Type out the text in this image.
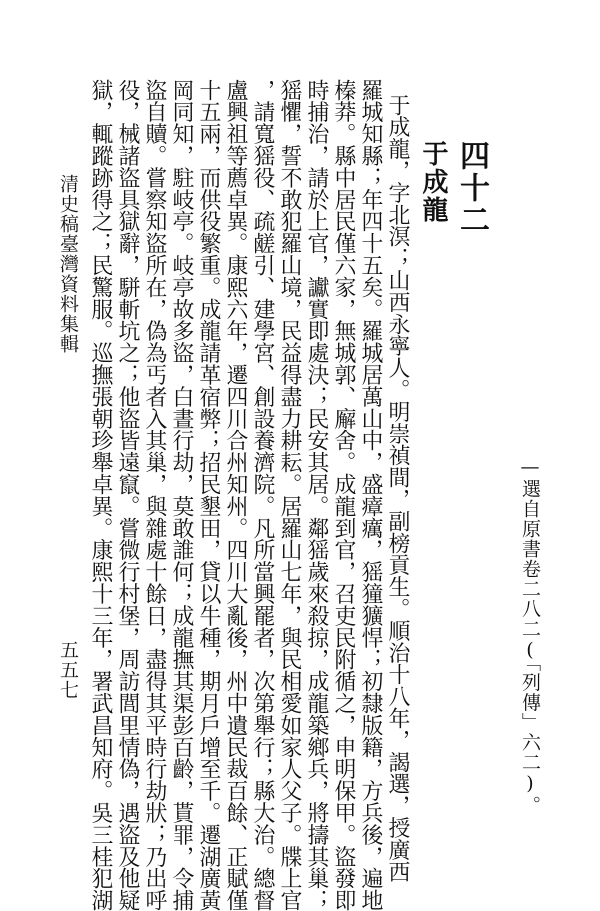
四十二
于成龍
—選自原書卷二八二(「列傳」六二)。
清史稿臺灣資料集輯
五五七	于成龍，字北溟；山西永寧人。明崇禎間，副榜貢生。順治十八年，謁選，授廣西
羅城知縣；年四十五矣。羅城居萬山中，盛瘴癘，猺獞獷悍；初隸版籍，方兵後，遍地
榛莽。縣中居民僅六家，無城郭、廨舍。成龍到官，召吏民附循之，申明保甲。盜發即
時捕治，請於上官，讞實即處決；民安其居。鄰猺歲來殺掠，成龍築鄉兵，將擣其巢；
猺懼，誓不敢犯羅山境，民益得盡力耕耘。居羅山七年，與民相愛如家人父子。牒上官
，請寬猺役、疏鹾引、建學宮、創設養濟院。凡所當興罷者，次第舉行；縣大治。總督
盧興祖等薦卓異。康熙六年，遷四川合州知州。四川大亂後，州中遺民裁百餘、正賦僅
十五兩，而供役繁重。成龍請革宿弊；招民墾田，貸以牛種，期月戶增至千。遷湖廣黃
岡同知，駐岐亭。岐亭故多盜，白晝行劫，莫敢誰何；成龍撫其渠彭百齡，貰罪，令捕
盜自贖。嘗察知盜所在，偽為丐者入其巢，與雜處十餘日，盡得其平時行劫狀；乃出呼
役，械諸盜具獄辭，駢斬坑之；他盜皆遠竄。嘗微行村堡，周訪閭里情偽，遇盜及他疑
獄，輒蹤跡得之；民驚服。巡撫張朝珍舉卓異。康熙十三年，署武昌知府。吳三桂犯湖
